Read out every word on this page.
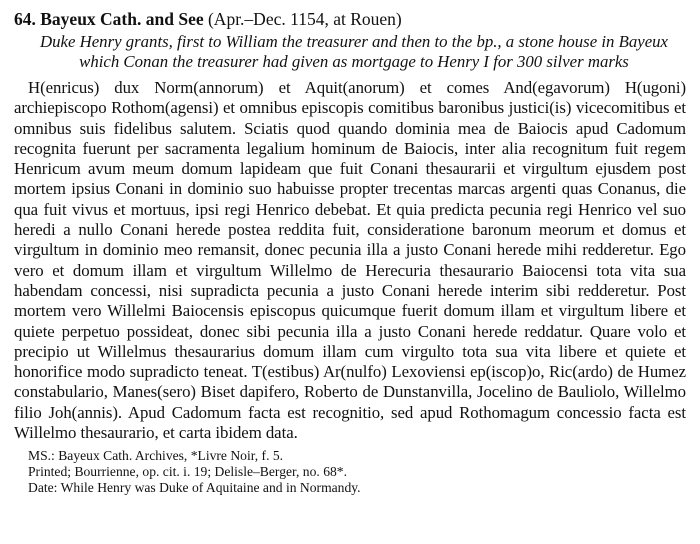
64. Bayeux Cath. and See (Apr.–Dec. 1154, at Rouen)
Duke Henry grants, first to William the treasurer and then to the bp., a stone house in Bayeux which Conan the treasurer had given as mortgage to Henry I for 300 silver marks
H(enricus) dux Norm(annorum) et Aquit(anorum) et comes And(egavorum) H(ugoni) archiepiscopo Rothom(agensi) et omnibus episcopis comitibus baronibus justici(is) vicecomitibus et omnibus suis fidelibus salutem. Sciatis quod quando dominia mea de Baiocis apud Cadomum recognita fuerunt per sacramenta legalium hominum de Baiocis, inter alia recognitum fuit regem Henricum avum meum domum lapideam que fuit Conani thesaurarii et virgultum ejusdem post mortem ipsius Conani in dominio suo habuisse propter trecentas marcas argenti quas Conanus, die qua fuit vivus et mortuus, ipsi regi Henrico debebat. Et quia predicta pecunia regi Henrico vel suo heredi a nullo Conani herede postea reddita fuit, consideratione baronum meorum et domus et virgultum in dominio meo remansit, donec pecunia illa a justo Conani herede mihi redderetur. Ego vero et domum illam et virgultum Willelmo de Herecuria thesaurario Baiocensi tota vita sua habendam concessi, nisi supradicta pecunia a justo Conani herede interim sibi redderetur. Post mortem vero Willelmi Baiocensis episcopus quicumque fuerit domum illam et virgultum libere et quiete perpetuo possideat, donec sibi pecunia illa a justo Conani herede reddatur. Quare volo et precipio ut Willelmus thesaurarius domum illam cum virgulto tota sua vita libere et quiete et honorifice modo supradicto teneat. T(estibus) Ar(nulfo) Lexoviensi ep(iscop)o, Ric(ardo) de Humez constabulario, Manes(sero) Biset dapifero, Roberto de Dunstanvilla, Jocelino de Bauliolo, Willelmo filio Joh(annis). Apud Cadomum facta est recognitio, sed apud Rothomagum concessio facta est Willelmo thesaurario, et carta ibidem data.
MS.: Bayeux Cath. Archives, *Livre Noir, f. 5.
Printed; Bourrienne, op. cit. i. 19; Delisle–Berger, no. 68*.
Date: While Henry was Duke of Aquitaine and in Normandy.
